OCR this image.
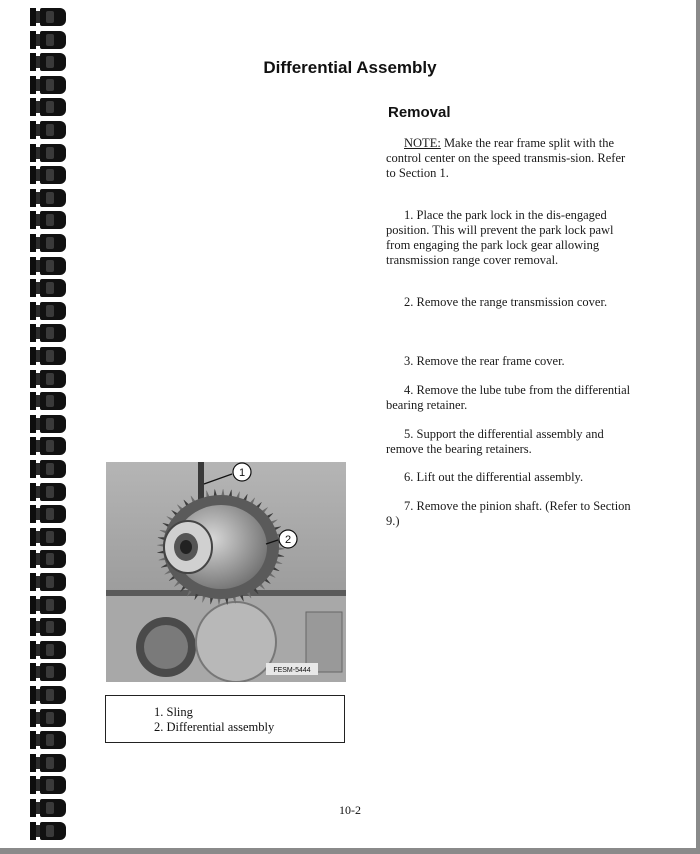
Differential Assembly
Removal
NOTE: Make the rear frame split with the control center on the speed transmis-sion. Refer to Section 1.
1. Place the park lock in the dis-engaged position. This will prevent the park lock pawl from engaging the park lock gear allowing transmission range cover removal.
2. Remove the range transmission cover.
3. Remove the rear frame cover.
4. Remove the lube tube from the differential bearing retainer.
5. Support the differential assembly and remove the bearing retainers.
6. Lift out the differential assembly.
7. Remove the pinion shaft. (Refer to Section 9.)
1
2
FESM-5444
1. Sling
2. Differential assembly
10-2
